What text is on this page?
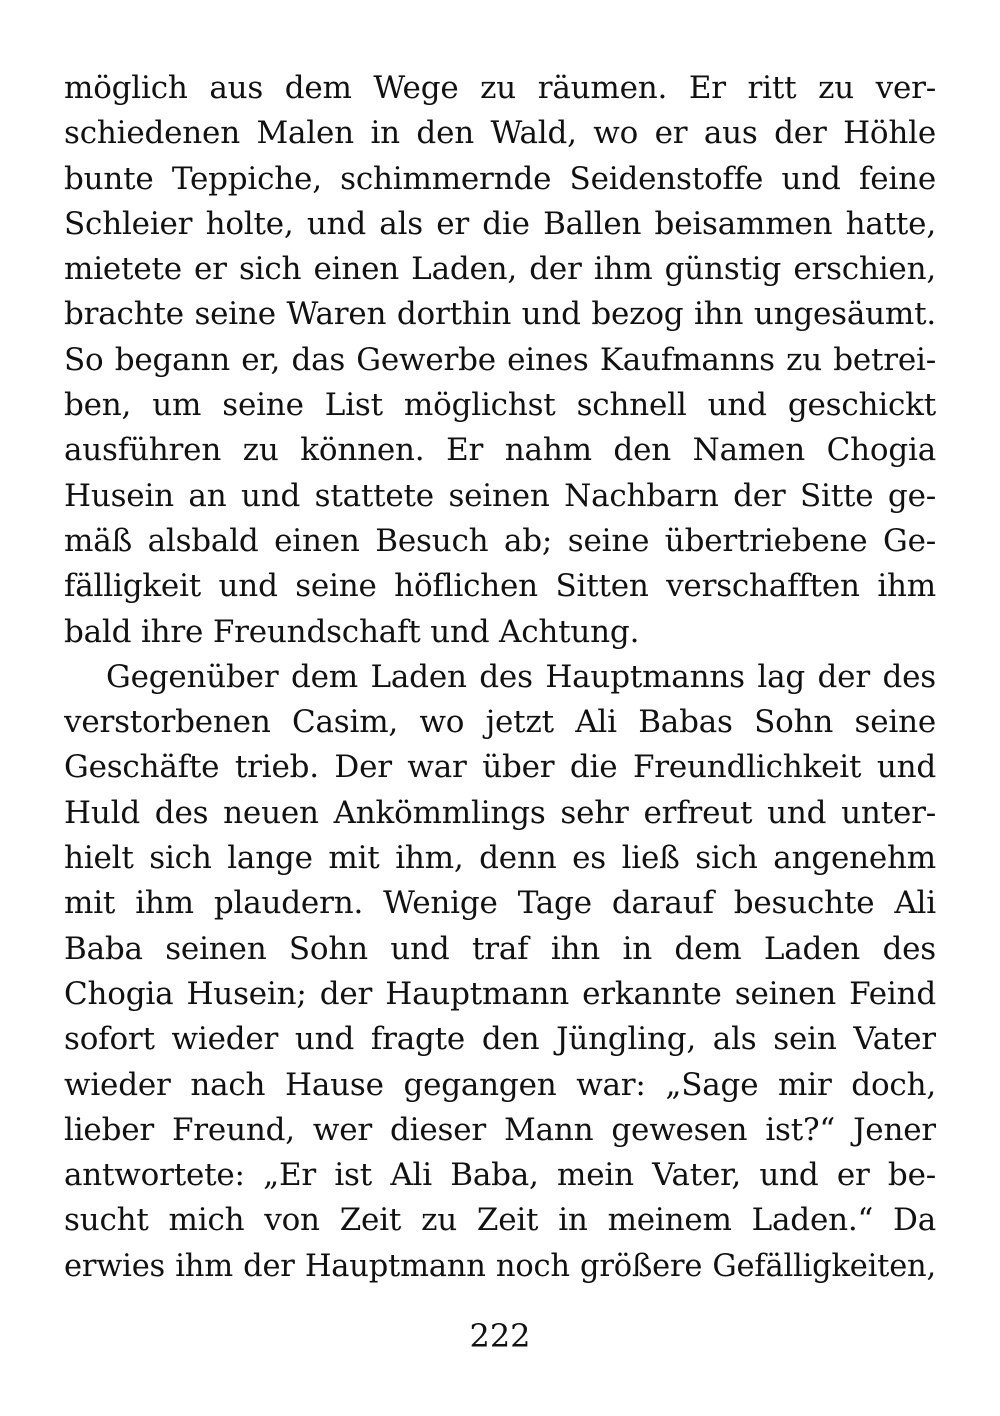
möglich aus dem Wege zu räumen. Er ritt zu ver-
schiedenen Malen in den Wald, wo er aus der Höhle
bunte Teppiche, schimmernde Seidenstoffe und feine
Schleier holte, und als er die Ballen beisammen hatte,
mietete er sich einen Laden, der ihm günstig erschien,
brachte seine Waren dorthin und bezog ihn ungesäumt.
So begann er, das Gewerbe eines Kaufmanns zu betrei-
ben, um seine List möglichst schnell und geschickt
ausführen zu können. Er nahm den Namen Chogia
Husein an und stattete seinen Nachbarn der Sitte ge-
mäß alsbald einen Besuch ab; seine übertriebene Ge-
fälligkeit und seine höflichen Sitten verschafften ihm
bald ihre Freundschaft und Achtung.
Gegenüber dem Laden des Hauptmanns lag der des
verstorbenen Casim, wo jetzt Ali Babas Sohn seine
Geschäfte trieb. Der war über die Freundlichkeit und
Huld des neuen Ankömmlings sehr erfreut und unter-
hielt sich lange mit ihm, denn es ließ sich angenehm
mit ihm plaudern. Wenige Tage darauf besuchte Ali
Baba seinen Sohn und traf ihn in dem Laden des
Chogia Husein; der Hauptmann erkannte seinen Feind
sofort wieder und fragte den Jüngling, als sein Vater
wieder nach Hause gegangen war: „Sage mir doch,
lieber Freund, wer dieser Mann gewesen ist?“ Jener
antwortete: „Er ist Ali Baba, mein Vater, und er be-
sucht mich von Zeit zu Zeit in meinem Laden.“ Da
erwies ihm der Hauptmann noch größere Gefälligkeiten,
222
